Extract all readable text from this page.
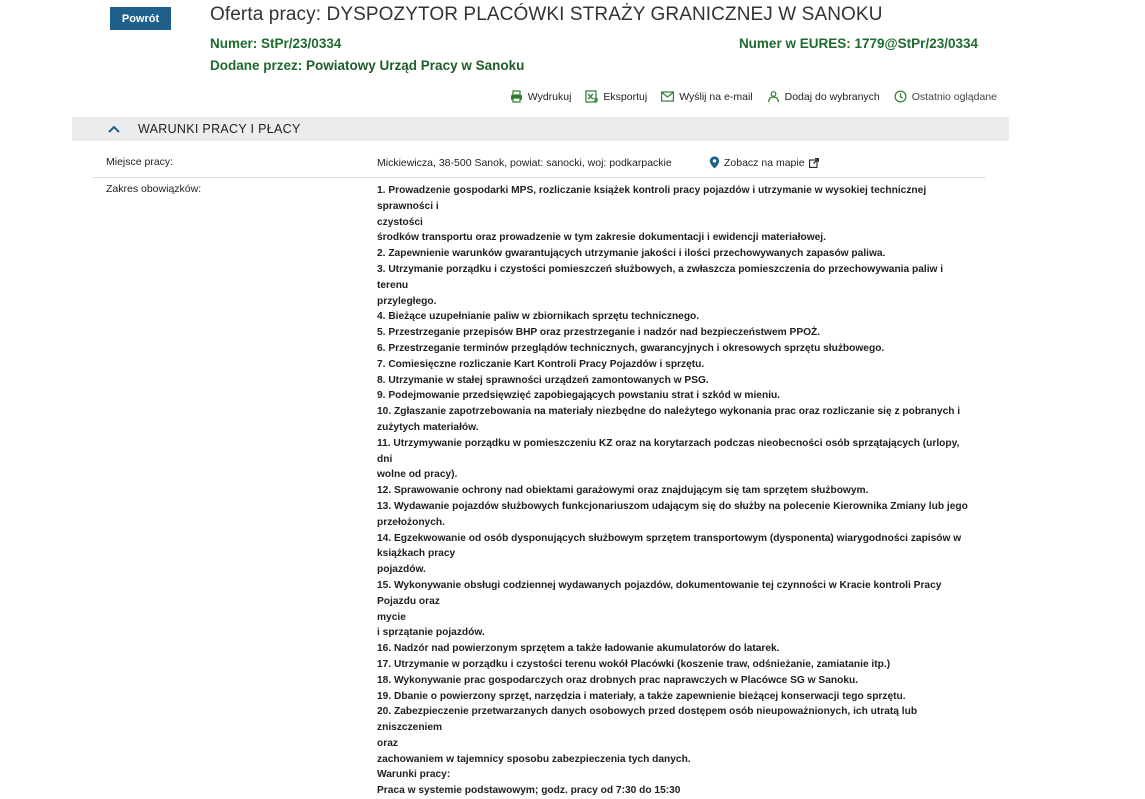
Powrót	Oferta pracy: DYSPOZYTOR PLACÓWKI STRAŻY GRANICZNEJ W SANOKU
Numer: StPr/23/0334	Numer w EURES: 1779@StPr/23/0334
Dodane przez: Powiatowy Urząd Pracy w Sanoku
Wydrukuj	Eksportuj	Wyślij na e-mail	Dodaj do wybranych	Ostatnio oglądane
WARUNKI PRACY I PŁACY
Miejsce pracy:	Mickiewicza, 38-500 Sanok, powiat: sanocki, woj: podkarpackie	Zobacz na mapie
Zakres obowiązków:	1. Prowadzenie gospodarki MPS, rozliczanie książek kontroli pracy pojazdów i utrzymanie w wysokiej technicznej sprawności i
czystości
środków transportu oraz prowadzenie w tym zakresie dokumentacji i ewidencji materiałowej.
2. Zapewnienie warunków gwarantujących utrzymanie jakości i ilości przechowywanych zapasów paliwa.
3. Utrzymanie porządku i czystości pomieszczeń służbowych, a zwłaszcza pomieszczenia do przechowywania paliw i terenu
przyległego.
4. Bieżące uzupełnianie paliw w zbiornikach sprzętu technicznego.
5. Przestrzeganie przepisów BHP oraz przestrzeganie i nadzór nad bezpieczeństwem PPOŻ.
6. Przestrzeganie terminów przeglądów technicznych, gwarancyjnych i okresowych sprzętu służbowego.
7. Comiesięczne rozliczanie Kart Kontroli Pracy Pojazdów i sprzętu.
8. Utrzymanie w stałej sprawności urządzeń zamontowanych w PSG.
9. Podejmowanie przedsięwzięć zapobiegających powstaniu strat i szkód w mieniu.
10. Zgłaszanie zapotrzebowania na materiały niezbędne do należytego wykonania prac oraz rozliczanie się z pobranych i
zużytych materiałów.
11. Utrzymywanie porządku w pomieszczeniu KZ oraz na korytarzach podczas nieobecności osób sprzątających (urlopy, dni
wolne od pracy).
12. Sprawowanie ochrony nad obiektami garażowymi oraz znajdującym się tam sprzętem służbowym.
13. Wydawanie pojazdów służbowych funkcjonariuszom udającym się do służby na polecenie Kierownika Zmiany lub jego
przełożonych.
14. Egzekwowanie od osób dysponujących służbowym sprzętem transportowym (dysponenta) wiarygodności zapisów w
książkach pracy
pojazdów.
15. Wykonywanie obsługi codziennej wydawanych pojazdów, dokumentowanie tej czynności w Kracie kontroli Pracy Pojazdu oraz
mycie
i sprzątanie pojazdów.
16. Nadzór nad powierzonym sprzętem a także ładowanie akumulatorów do latarek.
17. Utrzymanie w porządku i czystości terenu wokół Placówki (koszenie traw, odśnieżanie, zamiatanie itp.)
18. Wykonywanie prac gospodarczych oraz drobnych prac naprawczych w Placówce SG w Sanoku.
19. Dbanie o powierzony sprzęt, narzędzia i materiały, a także zapewnienie bieżącej konserwacji tego sprzętu.
20. Zabezpieczenie przetwarzanych danych osobowych przed dostępem osób nieupoważnionych, ich utratą lub zniszczeniem
oraz
zachowaniem w tajemnicy sposobu zabezpieczenia tych danych.
Warunki pracy:
Praca w systemie podstawowym; godz. pracy od 7:30 do 15:30
